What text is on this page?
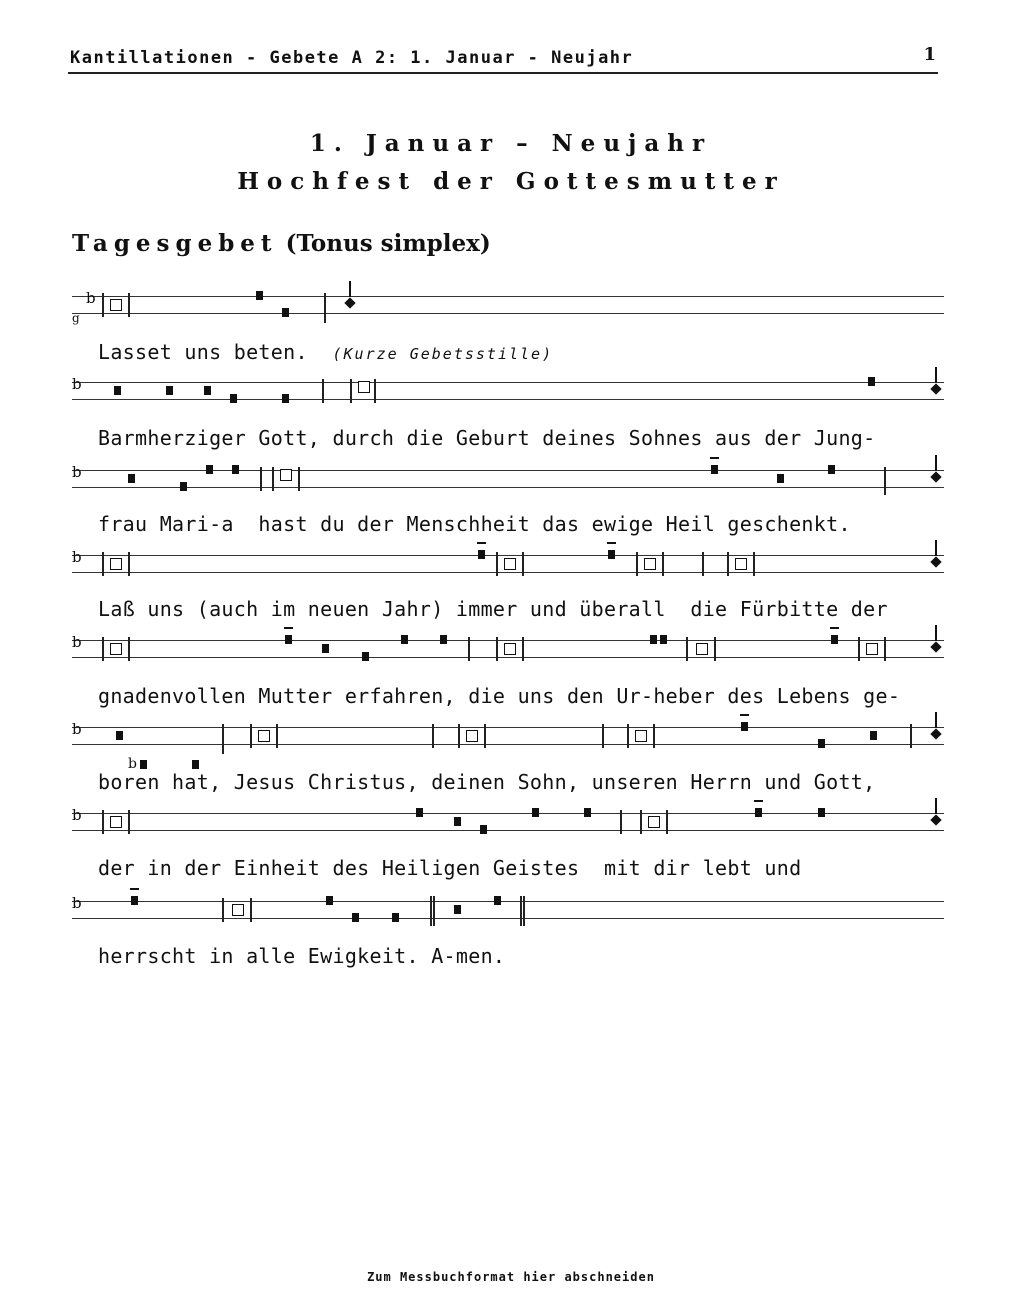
Kantillationen - Gebete A 2: 1. Januar - Neujahr	1
1. Januar – Neujahr
Hochfest der Gottesmutter
Tagesgebet (Tonus simplex)
b
g
Lasset uns beten. (Kurze Gebetsstille)
b
Barmherziger Gott, durch die Geburt deines Sohnes aus der Jung-
b
frau Mari-a  hast du der Menschheit das ewige Heil geschenkt.
b
Laß uns (auch im neuen Jahr) immer und überall  die Fürbitte der
b
gnadenvollen Mutter erfahren, die uns den Ur-heber des Lebens ge-
b
b
boren hat, Jesus Christus, deinen Sohn, unseren Herrn und Gott,
b
der in der Einheit des Heiligen Geistes  mit dir lebt und
b
herrscht in alle Ewigkeit. A-men.
Zum Messbuchformat hier abschneiden
